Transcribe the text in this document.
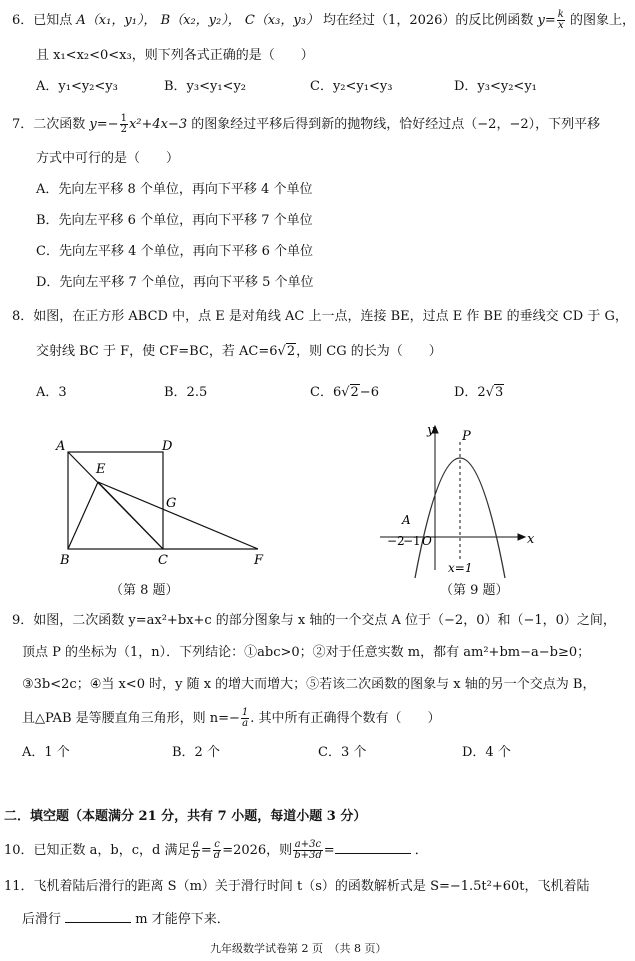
6．已知点 A（x₁，y₁）， B（x₂，y₂）， C（x₃，y₃） 均在经过（1，2026）的反比例函数 $y= \frac{k}{x}$ 的图象上，
且 x₁<x₂<0<x₃，则下列各式正确的是（　　）
A．y₁<y₂<y₃	B．y₃<y₁<y₂	C．y₂<y₁<y₃	D．y₃<y₂<y₁
7．二次函数 $y=- \frac{1}{2} x^2+4x-3$ 的图象经过平移后得到新的抛物线，恰好经过点（−2，−2），下列平移
方式中可行的是（　　）
A．先向左平移 8 个单位，再向下平移 4 个单位
B．先向左平移 6 个单位，再向下平移 7 个单位
C．先向左平移 4 个单位，再向下平移 6 个单位
D．先向左平移 7 个单位，再向下平移 5 个单位
8．如图，在正方形 ABCD 中，点 E 是对角线 AC 上一点，连接 BE，过点 E 作 BE 的垂线交 CD 于 G，
交射线 BC 于 F，使 CF=BC，若 AC=6√2，则 CG 的长为（　　）
A．3	B．2.5	C．6√2−6	D．2√3
A	D
E
G
B	C	F
（第 8 题）
y
x
P
A
−2
−1 O
x=1
（第 9 题）
9．如图，二次函数 y=ax²+bx+c 的部分图象与 x 轴的一个交点 A 位于（−2，0）和（−1，0）之间，
顶点 P 的坐标为（1，n）．下列结论：①abc>0；②对于任意实数 m，都有 am²+bm−a−b≥0；
③3b<2c；④当 x<0 时，y 随 x 的增大而增大；⑤若该二次函数的图象与 x 轴的另一个交点为 B，
且△PAB 是等腰直角三角形，则 $n=- \frac{1}{a}$ . 其中所有正确得个数有（　　）
A．1 个	B．2 个	C．3 个	D．4 个
二．填空题（本题满分 21 分，共有 7 小题，每道小题 3 分）
10．已知正数 a，b，c，d 满足 $\frac{a}{b} = \frac{c}{d} =2026$，则 $\frac{a+3c}{b+3d}$ =	．
11．飞机着陆后滑行的距离 S（m）关于滑行时间 t（s）的函数解析式是 S=−1.5t²+60t，飞机着陆
后滑行	m 才能停下来．
九年级数学试卷第 2 页　（共 8 页）
